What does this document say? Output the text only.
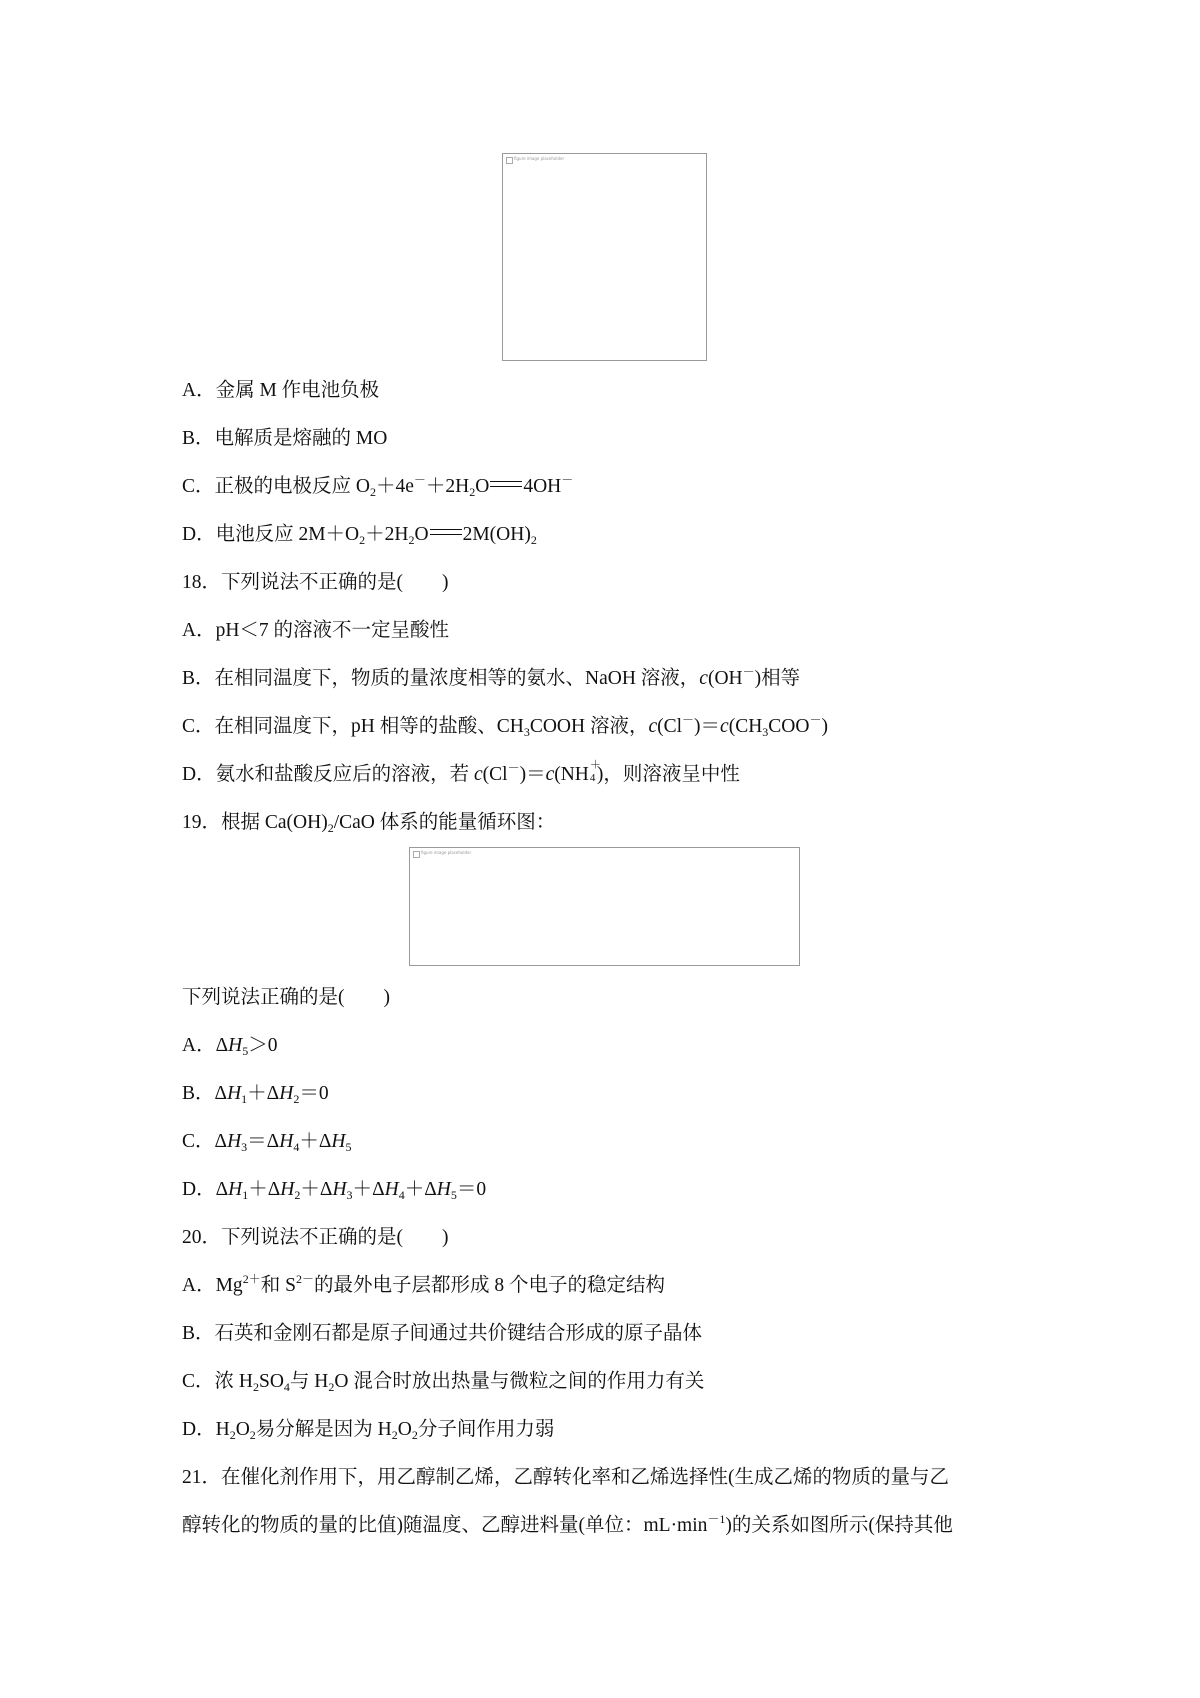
figure image placeholder
figure image placeholder
A．金属 M 作电池负极
B．电解质是熔融的 MO
C．正极的电极反应 $O_2+4e^-+2H_2O$ 4OH－
D．电池反应 $2M+O_2+2H_2O$ $2M(OH)_2$
18．下列说法不正确的是(　　)
A．pH＜7 的溶液不一定呈酸性
B．在相同温度下，物质的量浓度相等的氨水、NaOH 溶液，c(OH－)相等
C．在相同温度下，pH 相等的盐酸、$CH_3COOH$ 溶液，$c(Cl^-)=c(CH_3COO^-)$
D．氨水和盐酸反应后的溶液，若 c(Cl－)＝c(NH ＋
4 )，则溶液呈中性
19．根据 $Ca(OH)_2$/CaO 体系的能量循环图：
下列说法正确的是(　　)
A．$\Delta H_5>0$
B．$\Delta H_1+\Delta H_2=0$
C．$\Delta H_3=\Delta H_4+\Delta H_5$
D．$\Delta H_1+\Delta H_2+\Delta H_3+\Delta H_4+\Delta H_5=0$
20．下列说法不正确的是(　　)
A．$Mg^{2+}$和 $S^{2-}$的最外电子层都形成 8 个电子的稳定结构
B．石英和金刚石都是原子间通过共价键结合形成的原子晶体
C．浓 $H_2SO_4$与 $H_2O$ 混合时放出热量与微粒之间的作用力有关
D．$H_2O_2$易分解是因为 $H_2O_2$分子间作用力弱
21．在催化剂作用下，用乙醇制乙烯，乙醇转化率和乙烯选择性(生成乙烯的物质的量与乙
醇转化的物质的量的比值)随温度、乙醇进料量(单位：$mL\cdot\min^{-1}$)的关系如图所示(保持其他
